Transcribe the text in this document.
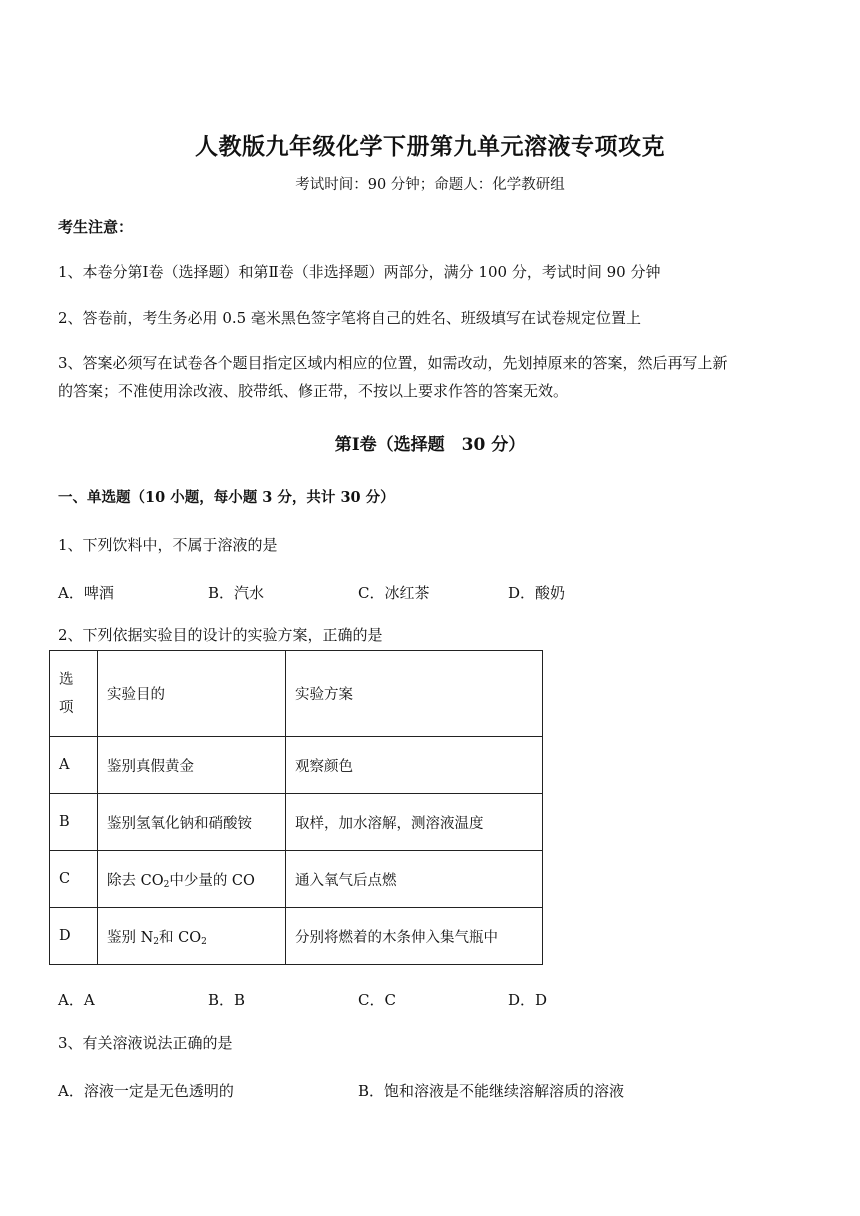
人教版九年级化学下册第九单元溶液专项攻克
考试时间：90 分钟；命题人：化学教研组
考生注意：
1、本卷分第Ⅰ卷（选择题）和第Ⅱ卷（非选择题）两部分，满分 100 分，考试时间 90 分钟
2、答卷前，考生务必用 0.5 毫米黑色签字笔将自己的姓名、班级填写在试卷规定位置上
3、答案必须写在试卷各个题目指定区域内相应的位置，如需改动，先划掉原来的答案，然后再写上新
的答案；不准使用涂改液、胶带纸、修正带，不按以上要求作答的答案无效。
第Ⅰ卷（选择题　30 分）
一、单选题（10 小题，每小题 3 分，共计 30 分）
1、下列饮料中，不属于溶液的是
A．啤酒	B．汽水	C．冰红茶	D．酸奶
2、下列依据实验目的设计的实验方案，正确的是
选项	实验目的	实验方案
A	鉴别真假黄金	观察颜色
B	鉴别氢氧化钠和硝酸铵	取样，加水溶解，测溶液温度
C	除去 $CO_2$中少量的 CO	通入氧气后点燃
D	鉴别 $N_2$和 $CO_2$	分别将燃着的木条伸入集气瓶中
A．A	B．B	C．C	D．D
3、有关溶液说法正确的是
A．溶液一定是无色透明的	B．饱和溶液是不能继续溶解溶质的溶液
